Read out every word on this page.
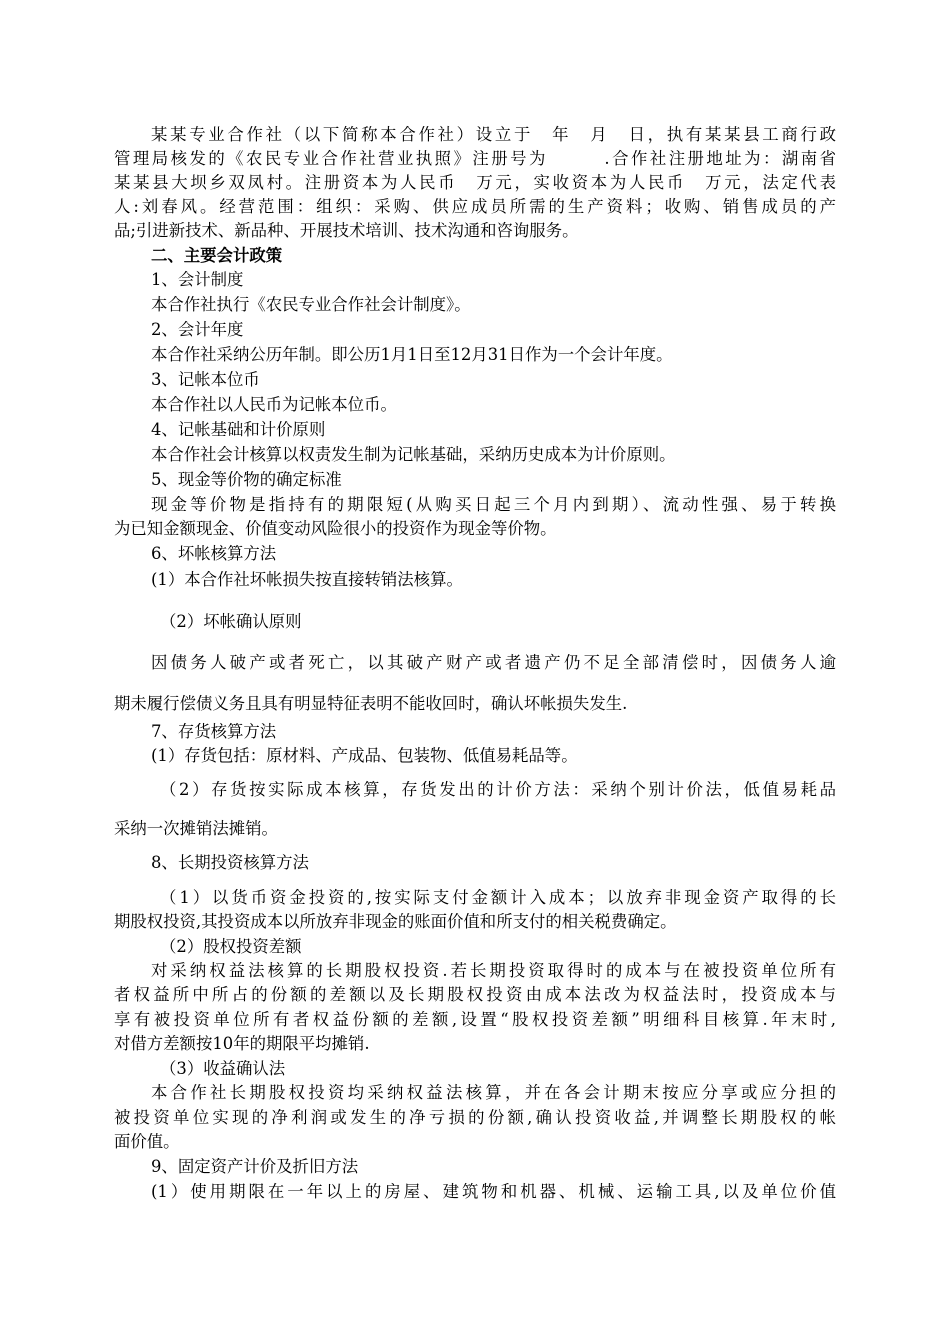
某某专业合作社（以下简称本合作社）设立于　年　月　日，执有某某县工商行政
管理局核发的《农民专业合作社营业执照》注册号为　　　.合作社注册地址为：湖南省
某某县大坝乡双凤村。注册资本为人民币　万元，实收资本为人民币　万元，法定代表
人:刘春风。经营范围：组织：采购、供应成员所需的生产资料；收购、销售成员的产
品;引进新技术、新品种、开展技术培训、技术沟通和咨询服务。
二、主要会计政策
1、会计制度
本合作社执行《农民专业合作社会计制度》。
2、会计年度
本合作社采纳公历年制。即公历1月1日至12月31日作为一个会计年度。
3、记帐本位币
本合作社以人民币为记帐本位币。
4、记帐基础和计价原则
本合作社会计核算以权责发生制为记帐基础，采纳历史成本为计价原则。
5、现金等价物的确定标准
现金等价物是指持有的期限短(从购买日起三个月内到期）、流动性强、易于转换
为已知金额现金、价值变动风险很小的投资作为现金等价物。
6、坏帐核算方法
(1）本合作社坏帐损失按直接转销法核算。
（2）坏帐确认原则
因债务人破产或者死亡，以其破产财产或者遗产仍不足全部清偿时，因债务人逾
期未履行偿债义务且具有明显特征表明不能收回时，确认坏帐损失发生.
7、存货核算方法
(1）存货包括：原材料、产成品、包装物、低值易耗品等。
（2）存货按实际成本核算，存货发出的计价方法：采纳个别计价法，低值易耗品
采纳一次摊销法摊销。
8、长期投资核算方法
（1）以货币资金投资的,按实际支付金额计入成本；以放弃非现金资产取得的长
期股权投资,其投资成本以所放弃非现金的账面价值和所支付的相关税费确定。
（2）股权投资差额
对采纳权益法核算的长期股权投资.若长期投资取得时的成本与在被投资单位所有
者权益所中所占的份额的差额以及长期股权投资由成本法改为权益法时，投资成本与
享有被投资单位所有者权益份额的差额,设置“股权投资差额”明细科目核算.年末时,
对借方差额按10年的期限平均摊销.
（3）收益确认法
本合作社长期股权投资均采纳权益法核算，并在各会计期末按应分享或应分担的
被投资单位实现的净利润或发生的净亏损的份额,确认投资收益,并调整长期股权的帐
面价值。
9、固定资产计价及折旧方法
(1）使用期限在一年以上的房屋、建筑物和机器、机械、运输工具,以及单位价值
